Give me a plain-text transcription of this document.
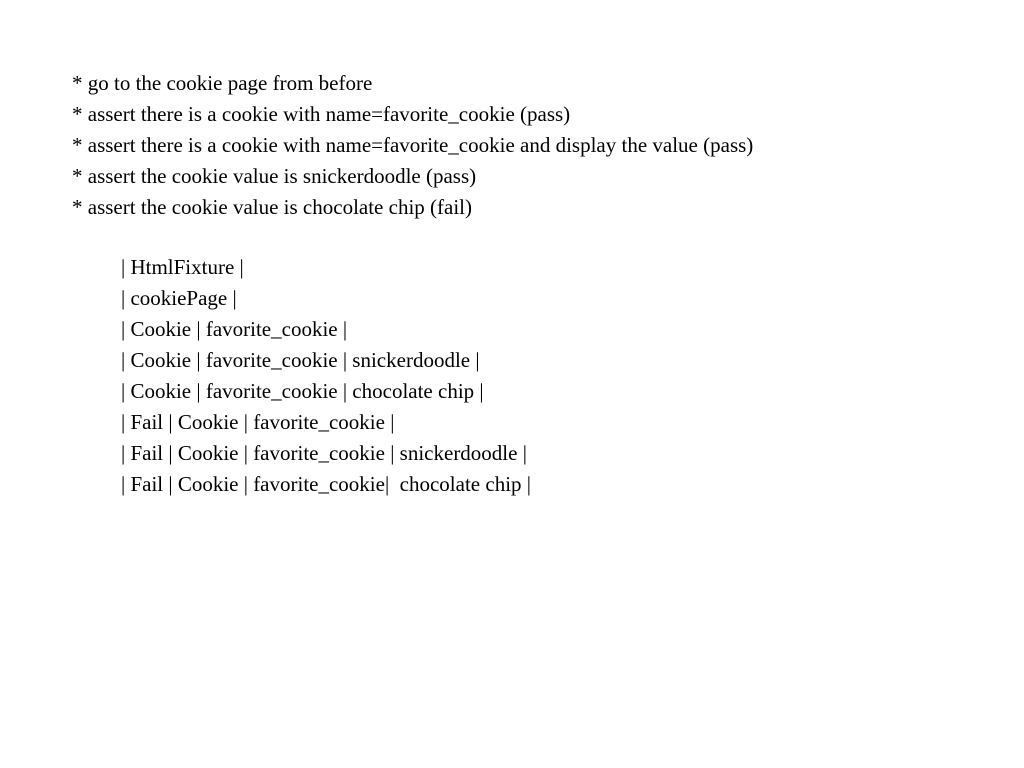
* go to the cookie page from before
* assert there is a cookie with name=favorite_cookie (pass)
* assert there is a cookie with name=favorite_cookie and display the value (pass)
* assert the cookie value is snickerdoodle (pass)
* assert the cookie value is chocolate chip (fail)
| HtmlFixture |
| cookiePage |
| Cookie | favorite_cookie |
| Cookie | favorite_cookie | snickerdoodle |
| Cookie | favorite_cookie | chocolate chip |
| Fail | Cookie | favorite_cookie |
| Fail | Cookie | favorite_cookie | snickerdoodle |
| Fail | Cookie | favorite_cookie|  chocolate chip |
